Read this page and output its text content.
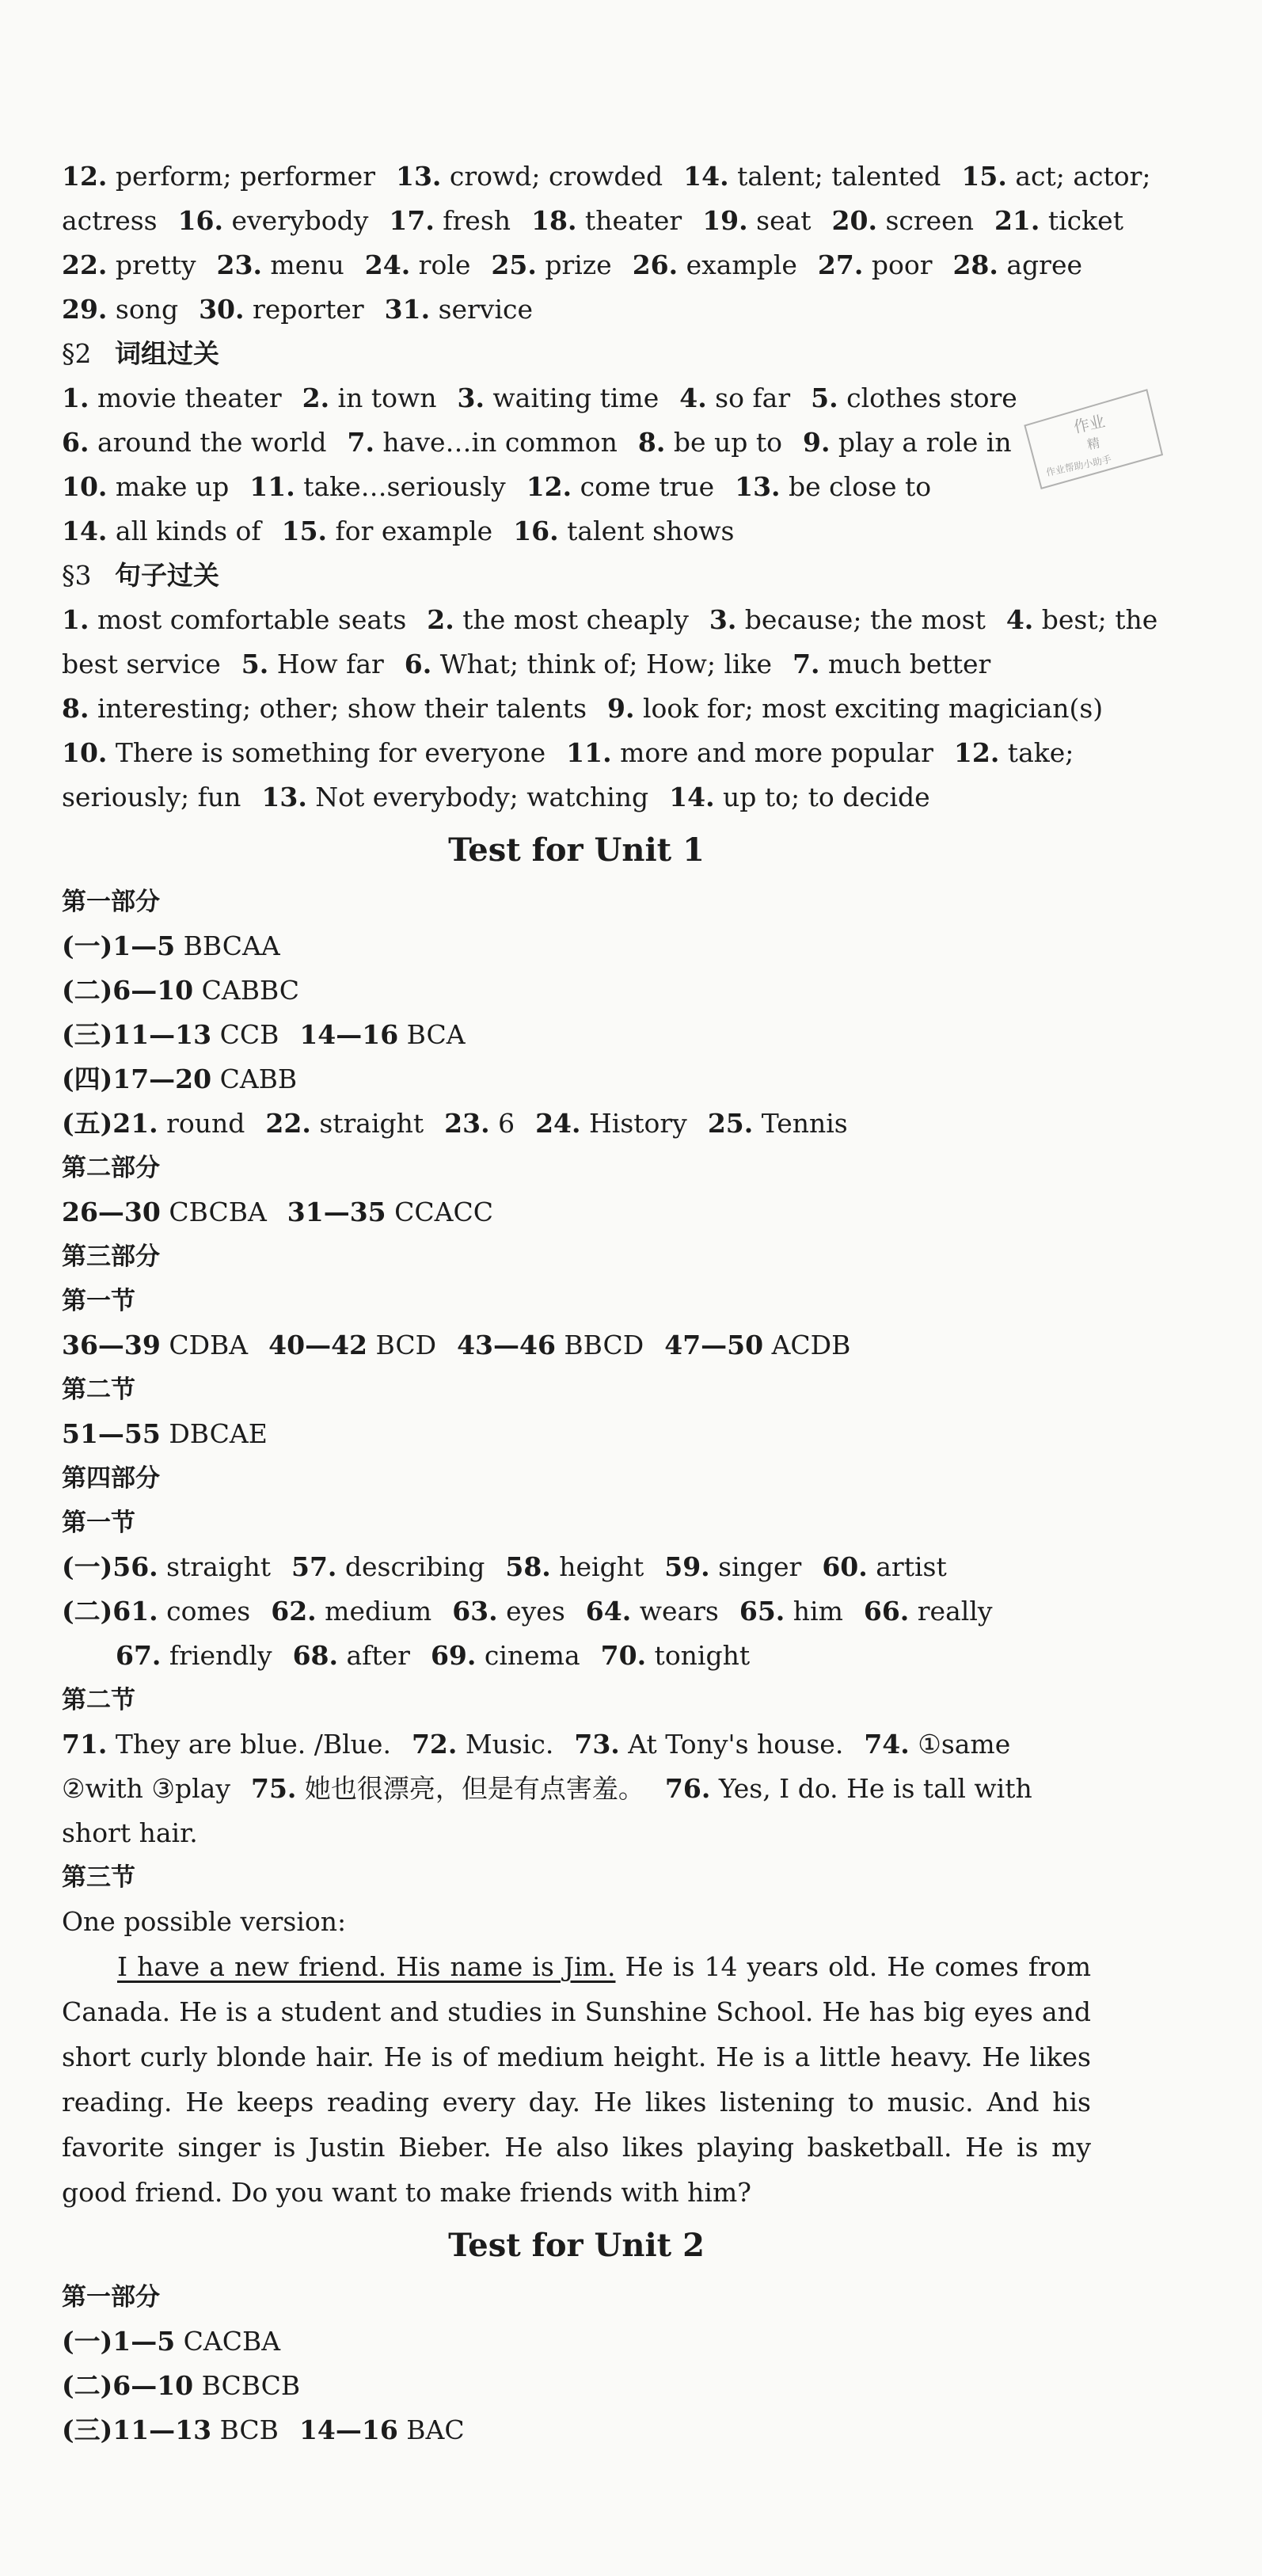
作业
精
作业帮助小助手
12. perform; performer 13. crowd; crowded 14. talent; talented 15. act; actor;
actress 16. everybody 17. fresh 18. theater 19. seat 20. screen 21. ticket
22. pretty 23. menu 24. role 25. prize 26. example 27. poor 28. agree
29. song 30. reporter 31. service
§2 词组过关
1. movie theater 2. in town 3. waiting time 4. so far 5. clothes store
6. around the world 7. have…in common 8. be up to 9. play a role in
10. make up 11. take…seriously 12. come true 13. be close to
14. all kinds of 15. for example 16. talent shows
§3 句子过关
1. most comfortable seats 2. the most cheaply 3. because; the most 4. best; the
best service 5. How far 6. What; think of; How; like 7. much better
8. interesting; other; show their talents 9. look for; most exciting magician(s)
10. There is something for everyone 11. more and more popular 12. take;
seriously; fun 13. Not everybody; watching 14. up to; to decide
Test for Unit 1
第一部分
(一)1—5 BBCAA
(二)6—10 CABBC
(三)11—13 CCB 14—16 BCA
(四)17—20 CABB
(五)21. round 22. straight 23. 6 24. History 25. Tennis
第二部分
26—30 CBCBA 31—35 CCACC
第三部分
第一节
36—39 CDBA 40—42 BCD 43—46 BBCD 47—50 ACDB
第二节
51—55 DBCAE
第四部分
第一节
(一)56. straight 57. describing 58. height 59. singer 60. artist
(二)61. comes 62. medium 63. eyes 64. wears 65. him 66. really
67. friendly 68. after 69. cinema 70. tonight
第二节
71. They are blue. /Blue. 72. Music. 73. At Tony's house. 74. ①same
②with ③play 75. 她也很漂亮，但是有点害羞。 76. Yes, I do. He is tall with
short hair.
第三节
One possible version:
I have a new friend. His name is Jim. He is 14 years old. He comes from Canada. He is a student and studies in Sunshine School. He has big eyes and short curly blonde hair. He is of medium height. He is a little heavy. He likes reading. He keeps reading every day. He likes listening to music. And his favorite singer is Justin Bieber. He also likes playing basketball. He is my good friend. Do you want to make friends with him?
Test for Unit 2
第一部分
(一)1—5 CACBA
(二)6—10 BCBCB
(三)11—13 BCB 14—16 BAC
